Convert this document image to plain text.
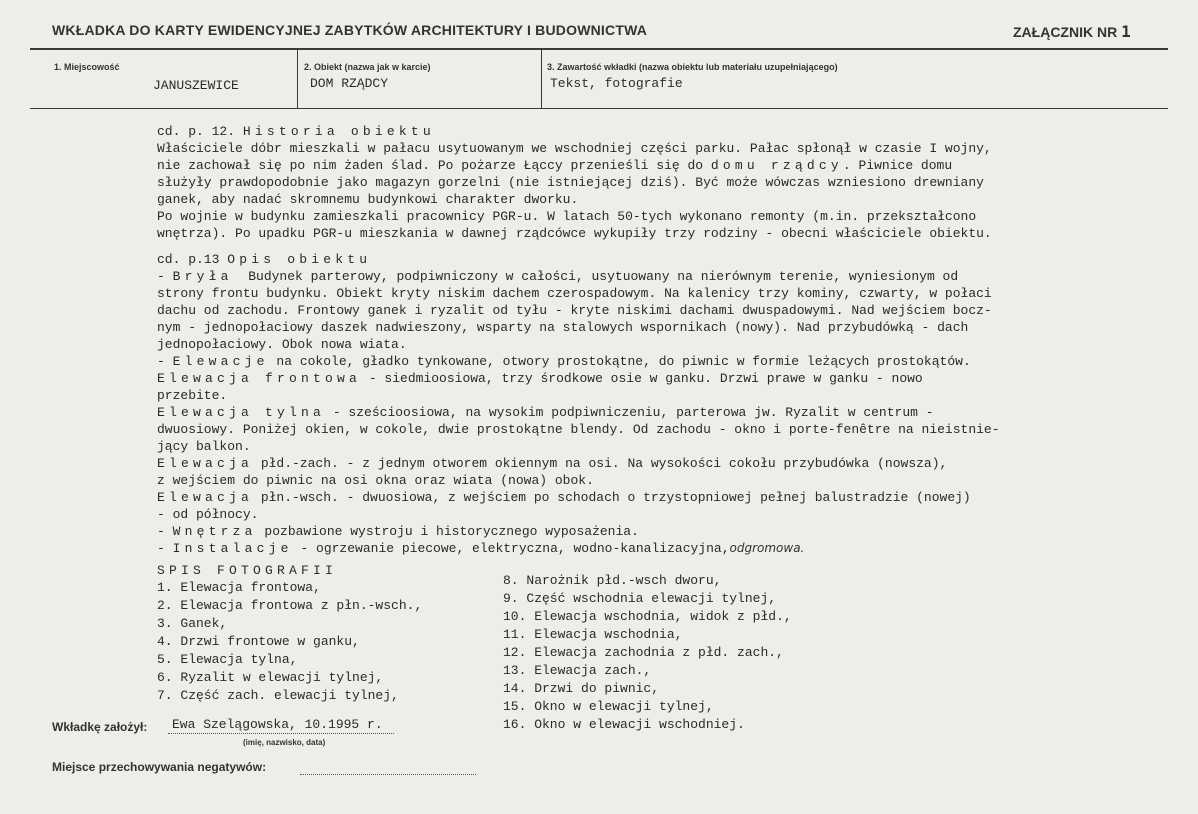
WKŁADKA DO KARTY EWIDENCYJNEJ ZABYTKÓW ARCHITEKTURY I BUDOWNICTWA	ZAŁĄCZNIK NR 1
1. Miejscowość
JANUSZEWICE
2. Obiekt (nazwa jak w karcie)
DOM RZĄDCY
3. Zawartość wkładki (nazwa obiektu lub materiału uzupełniającego)
Tekst, fotografie

cd. p. 12. Historia obiektu

Właściciele dóbr mieszkali w pałacu usytuowanym we wschodniej części parku. Pałac spłonął w czasie I wojny,

nie zachował się po nim żaden ślad. Po pożarze Łąccy przenieśli się do domu rządcy. Piwnice domu

służyły prawdopodobnie jako magazyn gorzelni (nie istniejącej dziś). Być może wówczas wzniesiono drewniany

ganek, aby nadać skromnemu budynkowi charakter dworku.

Po wojnie w budynku zamieszkali pracownicy PGR-u. W latach 50-tych wykonano remonty (m.in. przekształcono

wnętrza). Po upadku PGR-u mieszkania w dawnej rządcówce wykupiły trzy rodziny - obecni właściciele obiektu.

cd. p.13 Opis obiektu

- Bryła  Budynek parterowy, podpiwniczony w całości, usytuowany na nierównym terenie, wyniesionym od

strony frontu budynku. Obiekt kryty niskim dachem czerospadowym. Na kalenicy trzy kominy, czwarty, w połaci

dachu od zachodu. Frontowy ganek i ryzalit od tyłu - kryte niskimi dachami dwuspadowymi. Nad wejściem bocz-

nym - jednopołaciowy daszek nadwieszony, wsparty na stalowych wspornikach (nowy). Nad przybudówką - dach

jednopołaciowy. Obok nowa wiata.

- Elewacje na cokole, gładko tynkowane, otwory prostokątne, do piwnic w formie leżących prostokątów.

Elewacja frontowa - siedmioosiowa, trzy środkowe osie w ganku. Drzwi prawe w ganku - nowo

przebite.

Elewacja tylna - sześcioosiowa, na wysokim podpiwniczeniu, parterowa jw. Ryzalit w centrum -

dwuosiowy. Poniżej okien, w cokole, dwie prostokątne blendy. Od zachodu - okno i porte-fenêtre na nieistnie-

jący balkon.

Elewacja płd.-zach. - z jednym otworem okiennym na osi. Na wysokości cokołu przybudówka (nowsza),

z wejściem do piwnic na osi okna oraz wiata (nowa) obok.

Elewacja płn.-wsch. - dwuosiowa, z wejściem po schodach o trzystopniowej pełnej balustradzie (nowej)

- od północy.

- Wnętrza pozbawione wystroju i historycznego wyposażenia.

- Instalacje - ogrzewanie piecowe, elektryczna, wodno-kanalizacyjna,odgromowa.

SPIS FOTOGRAFII

1. Elewacja frontowa,

2. Elewacja frontowa z płn.-wsch.,

3. Ganek,

4. Drzwi frontowe w ganku,

5. Elewacja tylna,

6. Ryzalit w elewacji tylnej,

7. Część zach. elewacji tylnej,

8. Narożnik płd.-wsch dworu,

9. Część wschodnia elewacji tylnej,

10. Elewacja wschodnia, widok z płd.,

11. Elewacja wschodnia,

12. Elewacja zachodnia z płd. zach.,

13. Elewacja zach.,

14. Drzwi do piwnic,

15. Okno w elewacji tylnej,

16. Okno w elewacji wschodniej.

Wkładkę założył: Ewa Szelągowska, 10.1995 r.
(imię, nazwisko, data)
Miejsce przechowywania negatywów:
